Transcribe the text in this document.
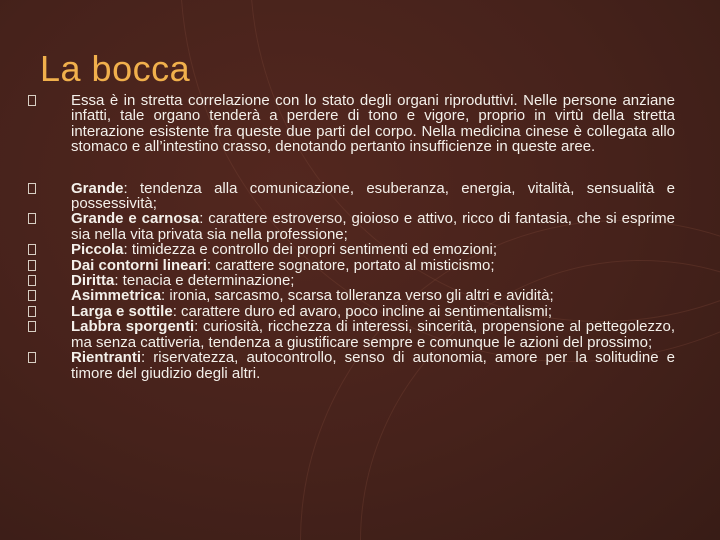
La bocca

Essa è in stretta correlazione con lo stato degli organi riproduttivi. Nelle persone anziane infatti, tale organo tenderà a perdere di tono e vigore, proprio in virtù della stretta interazione esistente fra queste due parti del corpo. Nella medicina cinese è collegata allo stomaco e all’intestino crasso, denotando pertanto insufficienze in queste aree.

Grande: tendenza alla comunicazione, esuberanza, energia, vitalità, sensualità e possessività;

Grande e carnosa: carattere estroverso, gioioso e attivo, ricco di fantasia, che si esprime sia nella vita privata sia nella professione;

Piccola: timidezza e controllo dei propri sentimenti ed emozioni;

Dai contorni lineari: carattere sognatore, portato al misticismo;

Diritta: tenacia e determinazione;

Asimmetrica: ironia, sarcasmo, scarsa tolleranza verso gli altri e avidità;

Larga e sottile: carattere duro ed avaro, poco incline ai sentimentalismi;

Labbra sporgenti: curiosità, ricchezza di interessi, sincerità, propensione al pettegolezzo, ma senza cattiveria, tendenza a giustificare sempre e comunque le azioni del prossimo;

Rientranti: riservatezza, autocontrollo, senso di autonomia, amore per la solitudine e timore del giudizio degli altri.
